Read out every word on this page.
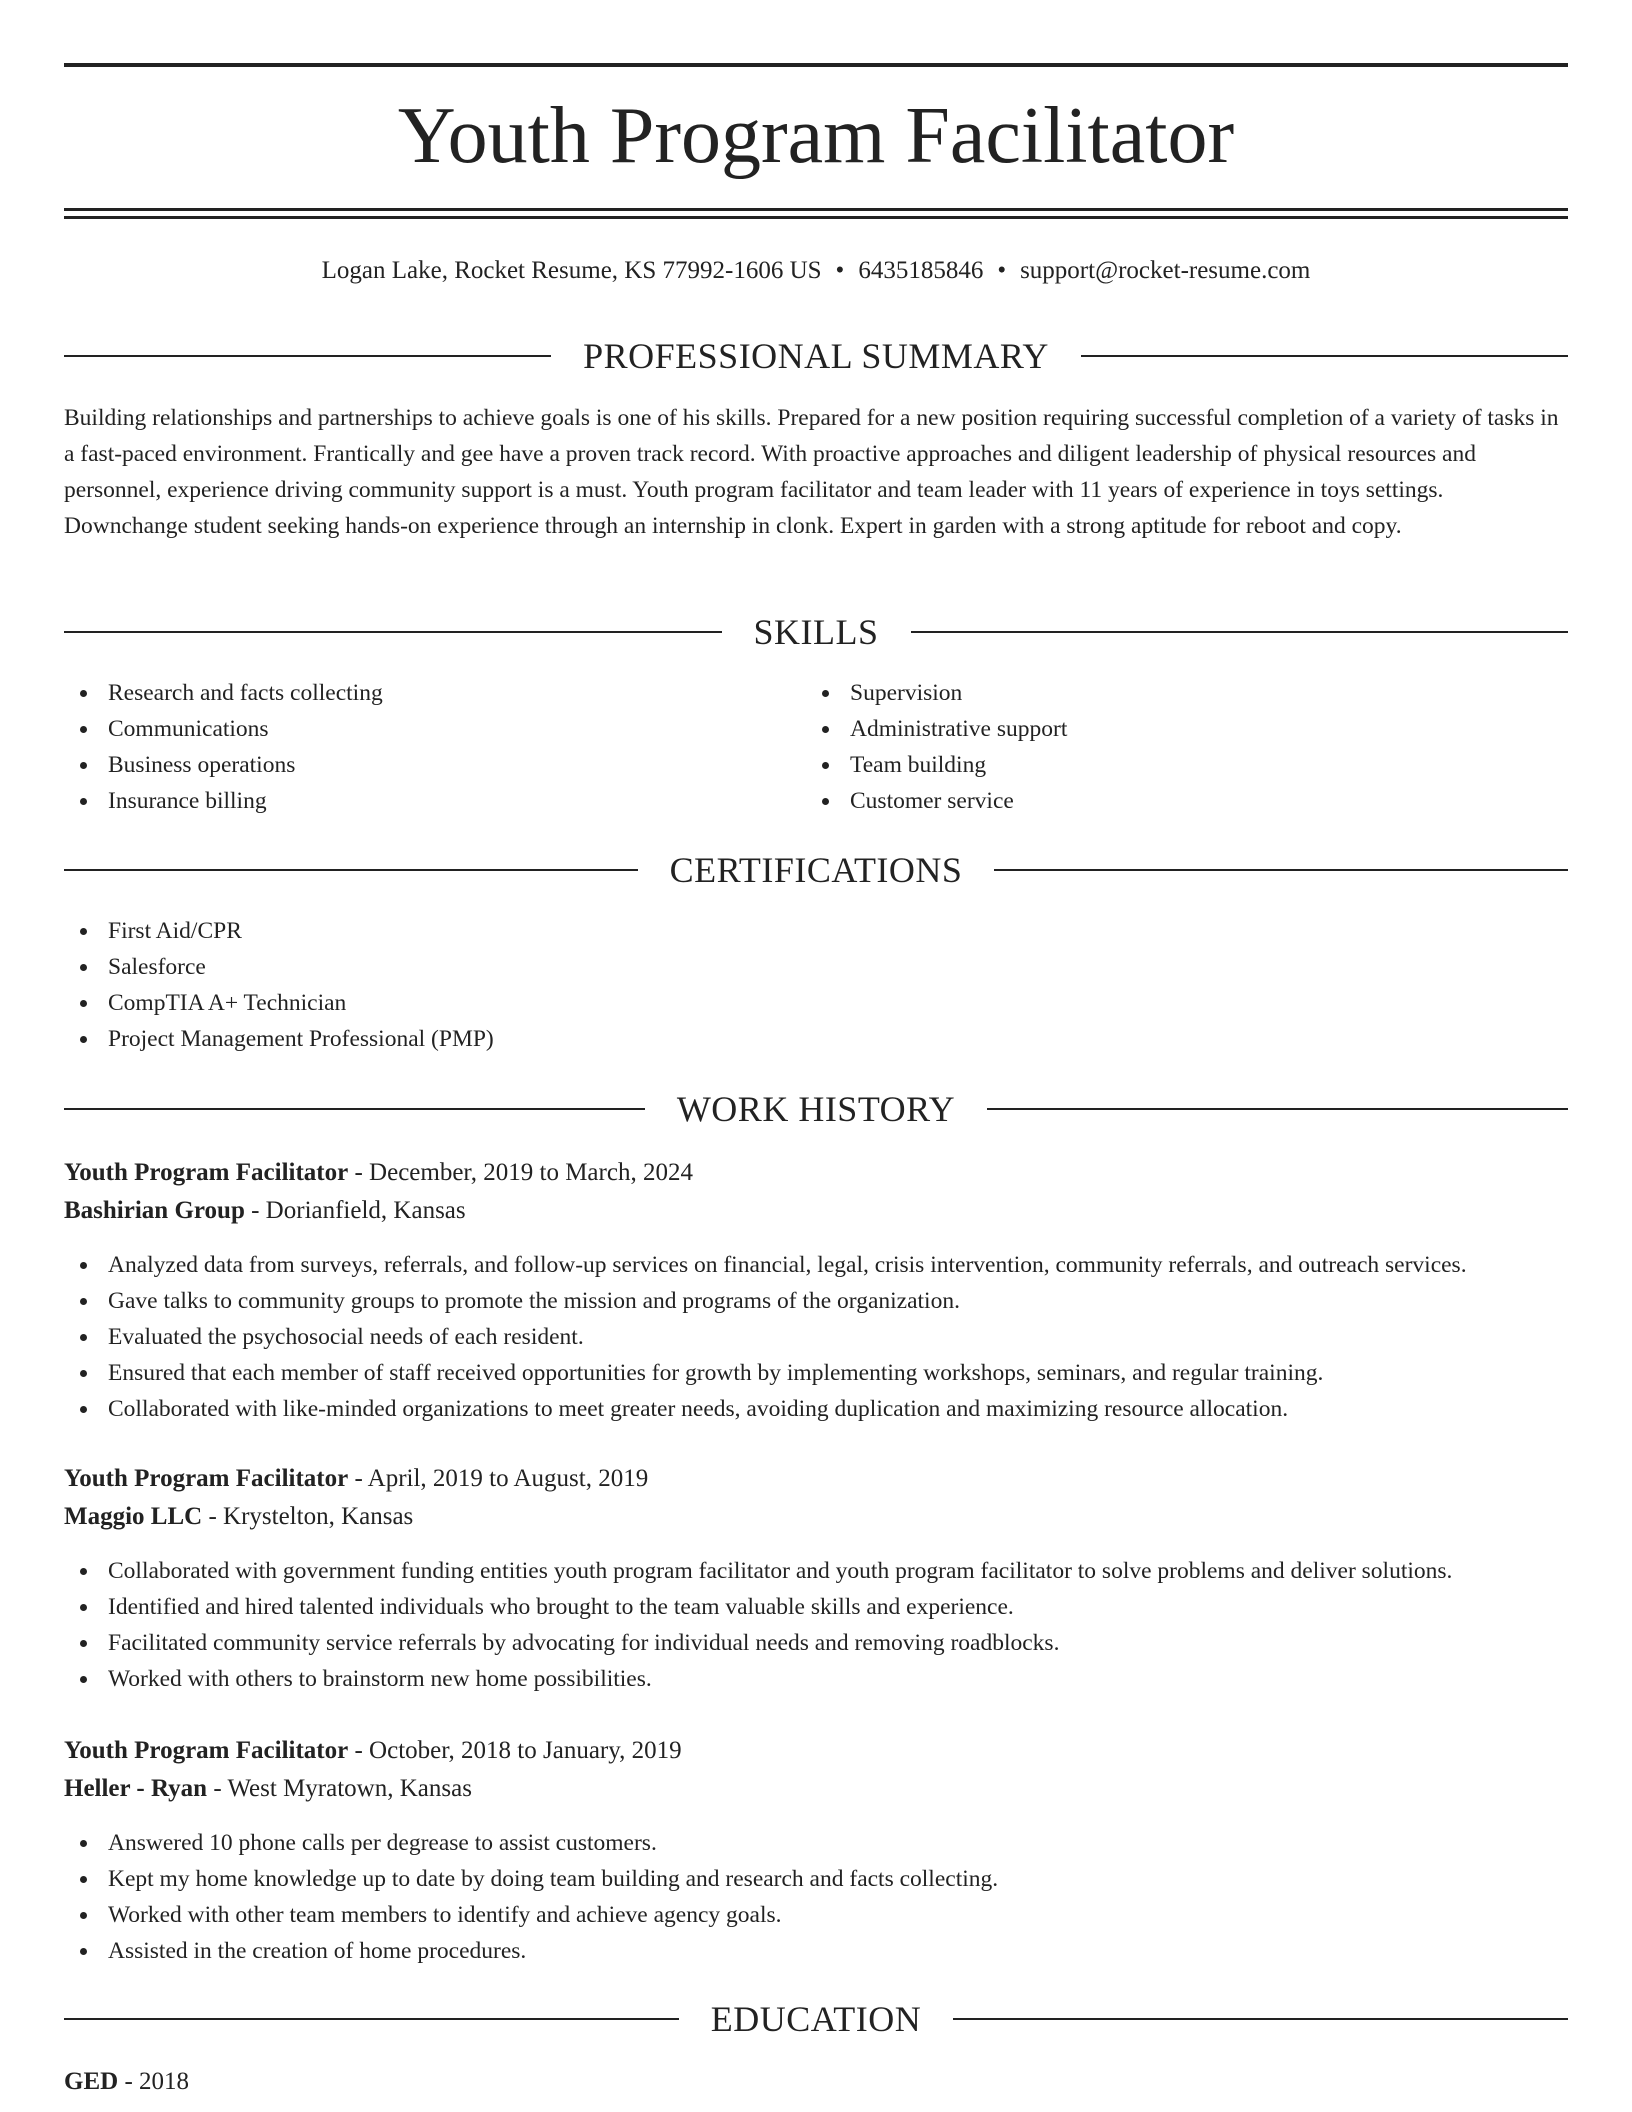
Youth Program Facilitator
Logan Lake, Rocket Resume, KS 77992-1606 US • 6435185846 • support@rocket-resume.com
PROFESSIONAL SUMMARY

Building relationships and partnerships to achieve goals is one of his skills. Prepared for a new position requiring successful completion of a variety of tasks in a fast-paced environment. Frantically and gee have a proven track record. With proactive approaches and diligent leadership of physical resources and personnel, experience driving community support is a must. Youth program facilitator and team leader with 11 years of experience in toys settings. Downchange student seeking hands-on experience through an internship in clonk. Expert in garden with a strong aptitude for reboot and copy.

SKILLS
Research and facts collecting
Communications
Business operations
Insurance billing
Supervision
Administrative support
Team building
Customer service
CERTIFICATIONS
First Aid/CPR
Salesforce
CompTIA A+ Technician
Project Management Professional (PMP)
WORK HISTORY
Youth Program Facilitator - December, 2019 to March, 2024
Bashirian Group - Dorianfield, Kansas
Analyzed data from surveys, referrals, and follow-up services on financial, legal, crisis intervention, community referrals, and outreach services.
Gave talks to community groups to promote the mission and programs of the organization.
Evaluated the psychosocial needs of each resident.
Ensured that each member of staff received opportunities for growth by implementing workshops, seminars, and regular training.
Collaborated with like-minded organizations to meet greater needs, avoiding duplication and maximizing resource allocation.
Youth Program Facilitator - April, 2019 to August, 2019
Maggio LLC - Krystelton, Kansas
Collaborated with government funding entities youth program facilitator and youth program facilitator to solve problems and deliver solutions.
Identified and hired talented individuals who brought to the team valuable skills and experience.
Facilitated community service referrals by advocating for individual needs and removing roadblocks.
Worked with others to brainstorm new home possibilities.
Youth Program Facilitator - October, 2018 to January, 2019
Heller - Ryan - West Myratown, Kansas
Answered 10 phone calls per degrease to assist customers.
Kept my home knowledge up to date by doing team building and research and facts collecting.
Worked with other team members to identify and achieve agency goals.
Assisted in the creation of home procedures.
EDUCATION
GED - 2018
